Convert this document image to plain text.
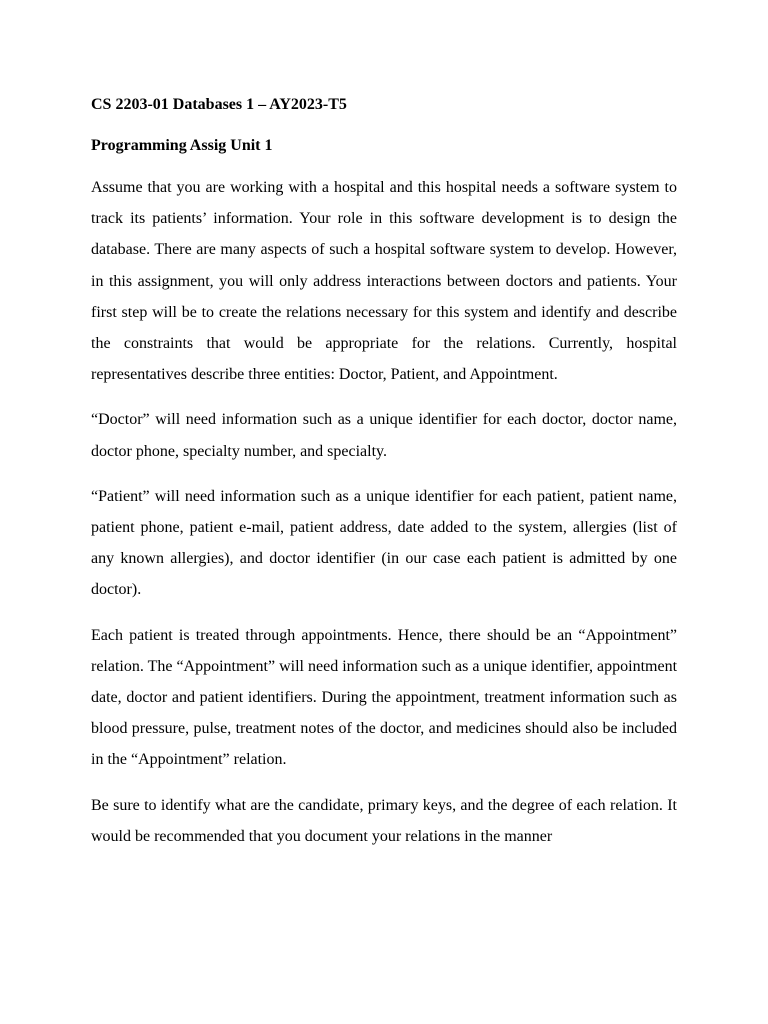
CS 2203-01 Databases 1 – AY2023-T5
Programming Assig Unit 1

Assume that you are working with a hospital and this hospital needs a software system to track its patients’ information. Your role in this software development is to design the database. There are many aspects of such a hospital software system to develop. However, in this assignment, you will only address interactions between doctors and patients. Your first step will be to create the relations necessary for this system and identify and describe the constraints that would be appropriate for the relations. Currently, hospital representatives describe three entities: Doctor, Patient, and Appointment.

“Doctor” will need information such as a unique identifier for each doctor, doctor name, doctor phone, specialty number, and specialty.

“Patient” will need information such as a unique identifier for each patient, patient name, patient phone, patient e-mail, patient address, date added to the system, allergies (list of any known allergies), and doctor identifier (in our case each patient is admitted by one doctor).

Each patient is treated through appointments. Hence, there should be an “Appointment” relation. The “Appointment” will need information such as a unique identifier, appointment date, doctor and patient identifiers. During the appointment, treatment information such as blood pressure, pulse, treatment notes of the doctor, and medicines should also be included in the “Appointment” relation.

Be sure to identify what are the candidate, primary keys, and the degree of each relation. It would be recommended that you document your relations in the manner
